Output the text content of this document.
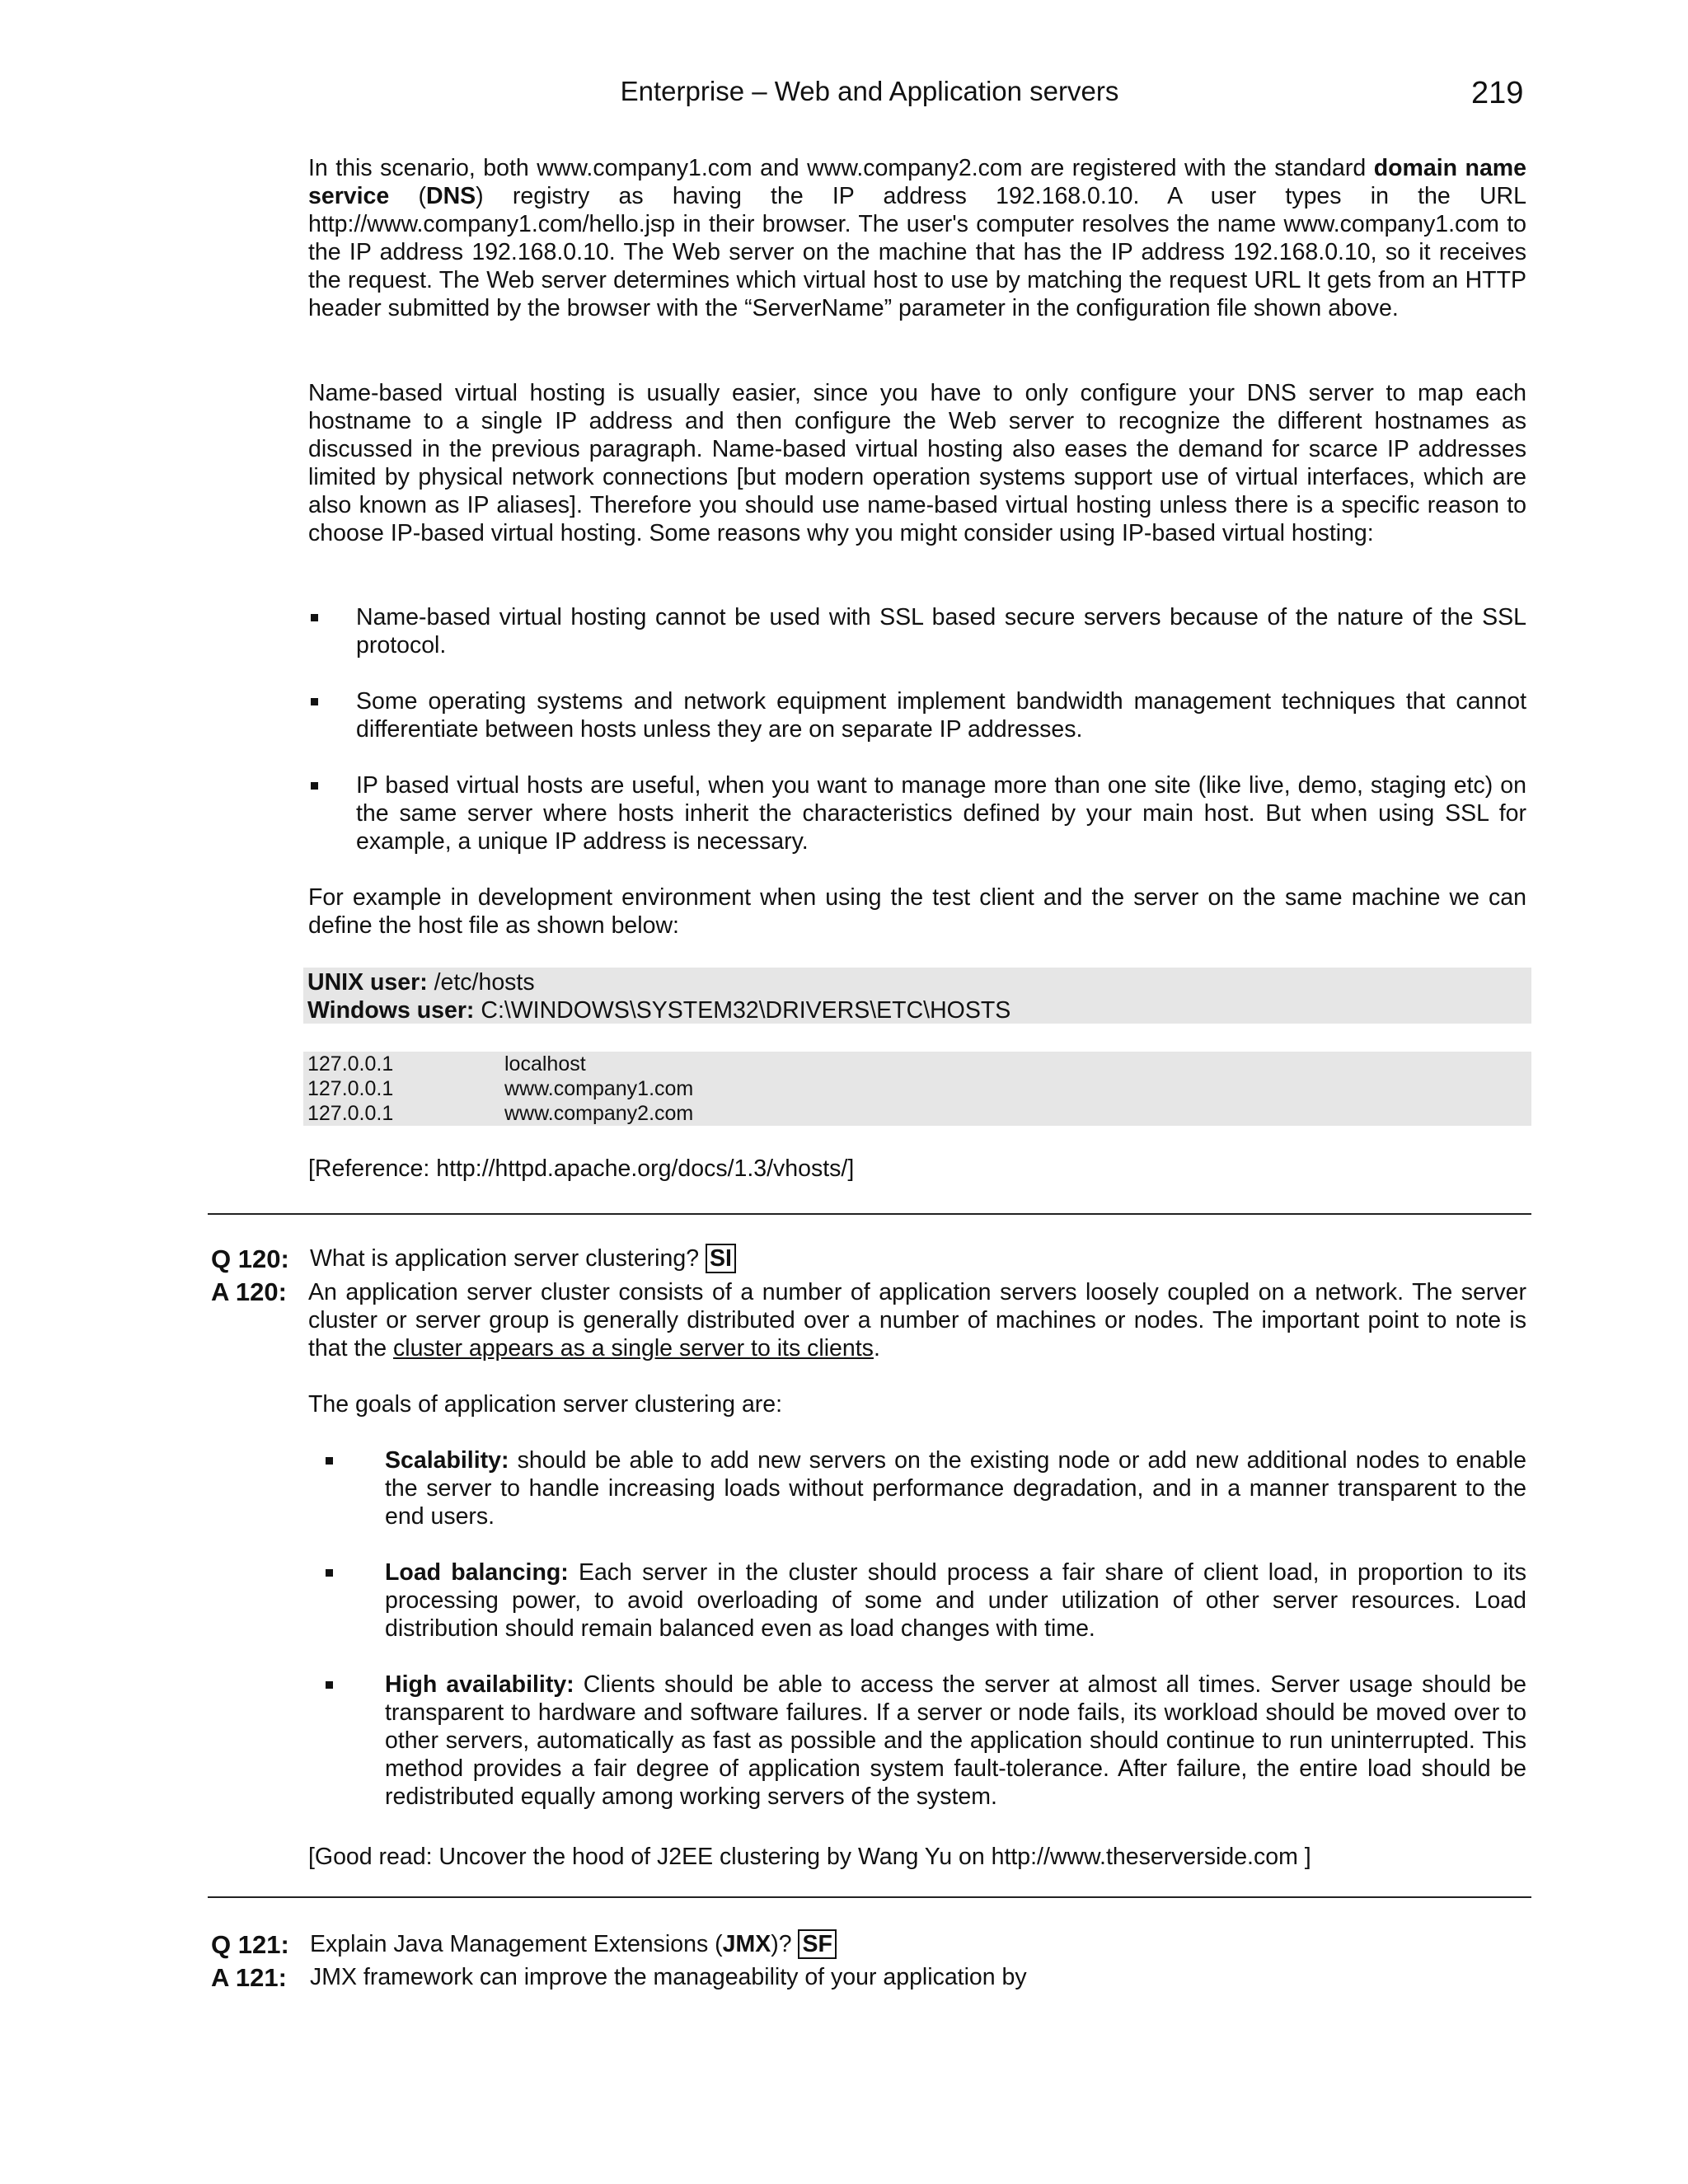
Enterprise – Web and Application servers	219
In this scenario, both www.company1.com and www.company2.com are registered with the standard domain name service (DNS) registry as having the IP address 192.168.0.10. A user types in the URL http://www.company1.com/hello.jsp in their browser. The user's computer resolves the name www.company1.com to the IP address 192.168.0.10. The Web server on the machine that has the IP address 192.168.0.10, so it receives the request. The Web server determines which virtual host to use by matching the request URL It gets from an HTTP header submitted by the browser with the “ServerName” parameter in the configuration file shown above.
Name-based virtual hosting is usually easier, since you have to only configure your DNS server to map each hostname to a single IP address and then configure the Web server to recognize the different hostnames as discussed in the previous paragraph. Name-based virtual hosting also eases the demand for scarce IP addresses limited by physical network connections [but modern operation systems support use of virtual interfaces, which are also known as IP aliases]. Therefore you should use name-based virtual hosting unless there is a specific reason to choose IP-based virtual hosting. Some reasons why you might consider using IP-based virtual hosting:
Name-based virtual hosting cannot be used with SSL based secure servers because of the nature of the SSL protocol.
Some operating systems and network equipment implement bandwidth management techniques that cannot differentiate between hosts unless they are on separate IP addresses.
IP based virtual hosts are useful, when you want to manage more than one site (like live, demo, staging etc) on the same server where hosts inherit the characteristics defined by your main host. But when using SSL for example, a unique IP address is necessary.
For example in development environment when using the test client and the server on the same machine we can define the host file as shown below:
UNIX user: /etc/hosts
Windows user: C:\WINDOWS\SYSTEM32\DRIVERS\ETC\HOSTS
127.0.0.1	localhost
127.0.0.1	www.company1.com
127.0.0.1	www.company2.com
[Reference: http://httpd.apache.org/docs/1.3/vhosts/]
Q 120: What is application server clustering? SI
A 120: An application server cluster consists of a number of application servers loosely coupled on a network. The server cluster or server group is generally distributed over a number of machines or nodes. The important point to note is that the cluster appears as a single server to its clients.
The goals of application server clustering are:
Scalability: should be able to add new servers on the existing node or add new additional nodes to enable the server to handle increasing loads without performance degradation, and in a manner transparent to the end users.
Load balancing: Each server in the cluster should process a fair share of client load, in proportion to its processing power, to avoid overloading of some and under utilization of other server resources. Load distribution should remain balanced even as load changes with time.
High availability: Clients should be able to access the server at almost all times. Server usage should be transparent to hardware and software failures. If a server or node fails, its workload should be moved over to other servers, automatically as fast as possible and the application should continue to run uninterrupted. This method provides a fair degree of application system fault-tolerance. After failure, the entire load should be redistributed equally among working servers of the system.
[Good read: Uncover the hood of J2EE clustering by Wang Yu on http://www.theserverside.com ]
Q 121: Explain Java Management Extensions (JMX)? SF
A 121: JMX framework can improve the manageability of your application by
